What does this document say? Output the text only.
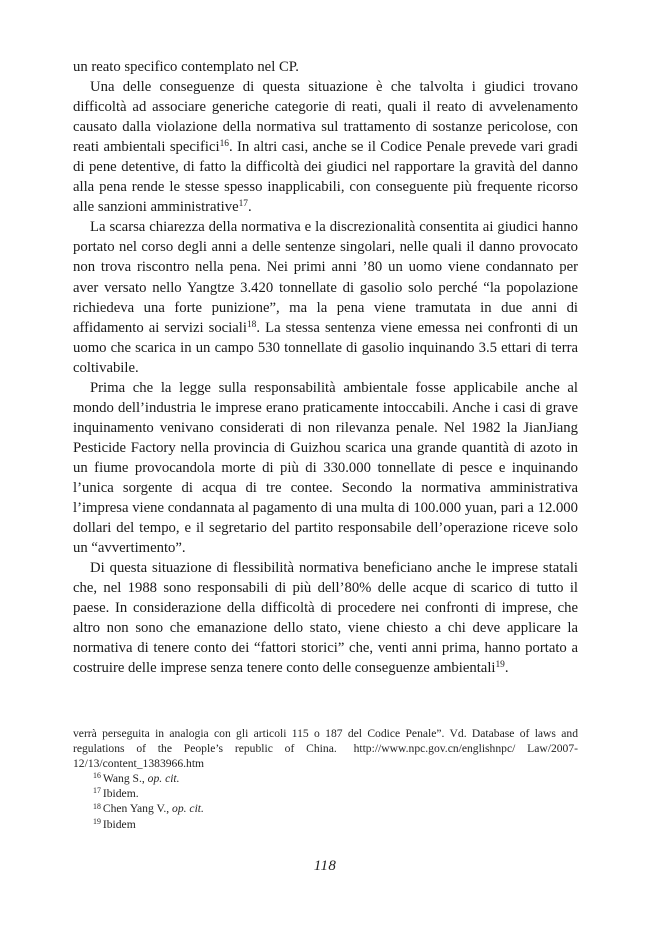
un reato specifico contemplato nel CP.

Una delle conseguenze di questa situazione è che talvolta i giudici trovano difficoltà ad associare generiche categorie di reati, quali il reato di avvelenamento causato dalla violazione della normativa sul trattamento di sostanze pericolose, con reati ambientali specifici$^{16}$. In altri casi, anche se il Codice Penale prevede vari gradi di pene detentive, di fatto la difficoltà dei giudici nel rapportare la gravità del danno alla pena rende le stesse spesso inapplicabili, con conseguente più frequente ricorso alle sanzioni amministrative$^{17}$.

La scarsa chiarezza della normativa e la discrezionalità consentita ai giudici hanno portato nel corso degli anni a delle sentenze singolari, nelle quali il danno provocato non trova riscontro nella pena. Nei primi anni ’80 un uomo viene condannato per aver versato nello Yangtze 3.420 tonnellate di gasolio solo perché “la popolazione richiedeva una forte punizione”, ma la pena viene tramutata in due anni di affidamento ai servizi sociali$^{18}$. La stessa sentenza viene emessa nei confronti di un uomo che scarica in un campo 530 tonnellate di gasolio inquinando 3.5 ettari di terra coltivabile.

Prima che la legge sulla responsabilità ambientale fosse applicabile anche al mondo dell’industria le imprese erano praticamente intoccabili. Anche i casi di grave inquinamento venivano considerati di non rilevanza penale. Nel 1982 la JianJiang Pesticide Factory nella provincia di Guizhou scarica una grande quantità di azoto in un fiume provocandola morte di più di 330.000 tonnellate di pesce e inquinando l’unica sorgente di acqua di tre contee. Secondo la normativa amministrativa l’impresa viene condannata al pagamento di una multa di 100.000 yuan, pari a 12.000 dollari del tempo, e il segretario del partito responsabile dell’operazione riceve solo un “avvertimento”.

Di questa situazione di flessibilità normativa beneficiano anche le imprese statali che, nel 1988 sono responsabili di più dell’80% delle acque di scarico di tutto il paese. In considerazione della difficoltà di procedere nei confronti di imprese, che altro non sono che emanazione dello stato, viene chiesto a chi deve applicare la normativa di tenere conto dei “fattori storici” che, venti anni prima, hanno portato a costruire delle imprese senza tenere conto delle conseguenze ambientali$^{19}$.

verrà perseguita in analogia con gli articoli 115 o 187 del Codice Penale”. Vd. Database of laws and regulations of the People’s republic of China. http://www.npc.gov.cn/englishnpc/ Law/2007-12/13/content_1383966.htm

$^{16}$ Wang S., op. cit.

$^{17}$ Ibidem.

$^{18}$ Chen Yang V., op. cit.

$^{19}$ Ibidem

118
